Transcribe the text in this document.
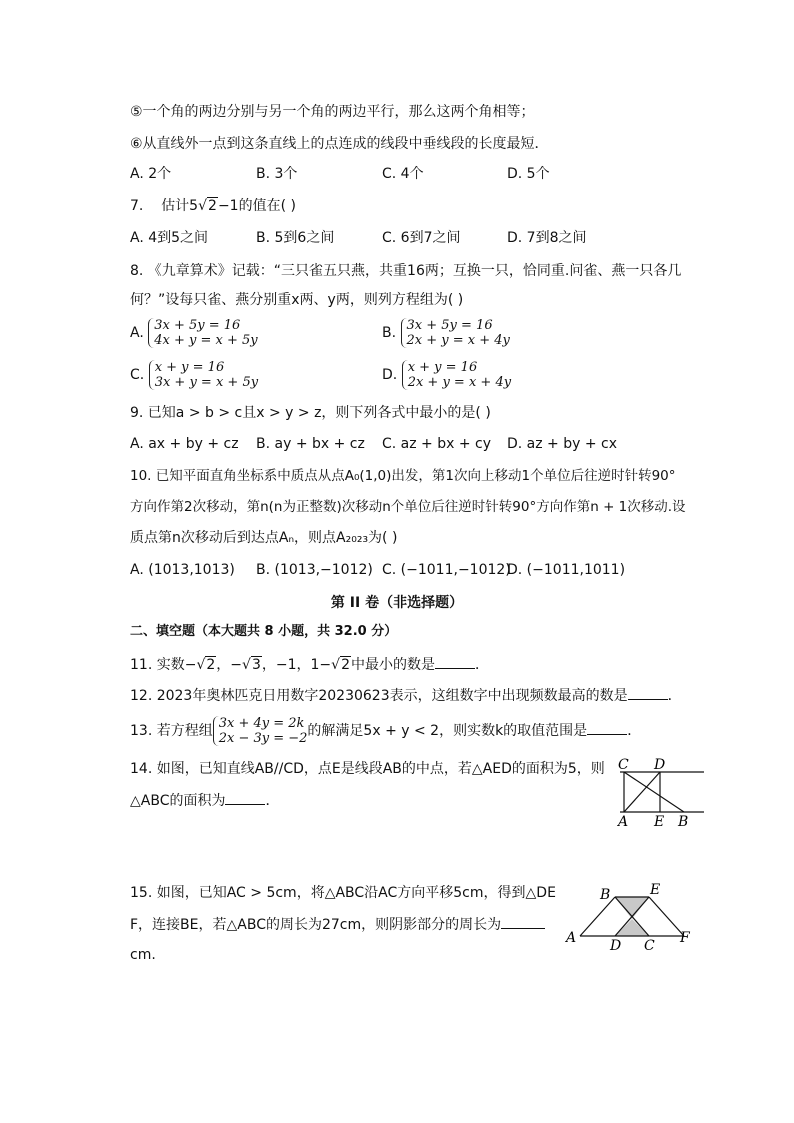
⑤一个角的两边分别与另一个角的两边平行，那么这两个角相等；
⑥从直线外一点到这条直线上的点连成的线段中垂线段的长度最短．
A. 2个	B. 3个	C. 4个	D. 5个
7. 估计5√2−1的值在( )
A. 4到5之间	B. 5到6之间	C. 6到7之间	D. 7到8之间
8. 《九章算术》记载：“三只雀五只燕，共重16两；互换一只，恰同重.问雀、燕一只各几
何？”设每只雀、燕分别重x两、y两，则列方程组为( )
A. 3x + 5y = 16
4x + y = x + 5y	B. 3x + 5y = 16
2x + y = x + 4y
C. x + y = 16
3x + y = x + 5y	D. x + y = 16
2x + y = x + 4y
9. 已知a > b > c且x > y > z，则下列各式中最小的是( )
A. ax + by + cz B. ay + bx + cz C. az + bx + cy D. az + by + cx
10. 已知平面直角坐标系中质点从点A₀(1,0)出发，第1次向上移动1个单位后往逆时针转90°
方向作第2次移动，第n(n为正整数)次移动n个单位后往逆时针转90°方向作第n + 1次移动.设
质点第n次移动后到达点Aₙ，则点A₂₀₂₃为( )
A. (1013,1013) B. (1013,−1012) C. (−1011,−1012)
D. (−1011,1011)
第 II 卷（非选择题）
二、填空题（本大题共 8 小题，共 32.0 分）
11. 实数−√2，−√3，−1，1−√2中最小的数是	．
12. 2023年奥林匹克日用数字20230623表示，这组数字中出现频数最高的数是	．
13. 若方程组 3x + 4y = 2k
2x − 3y = −2的解满足5x + y < 2，则实数k的取值范围是	．
14. 如图，已知直线AB//CD，点E是线段AB的中点，若△AED的面积为5，则
△ABC的面积为	．
C D
A E B
15. 如图，已知AC > 5cm，将△ABC沿AC方向平移5cm，得到△DE
F，连接BE，若△ABC的周长为27cm，则阴影部分的周长为
cm.
B	E
A D C F
